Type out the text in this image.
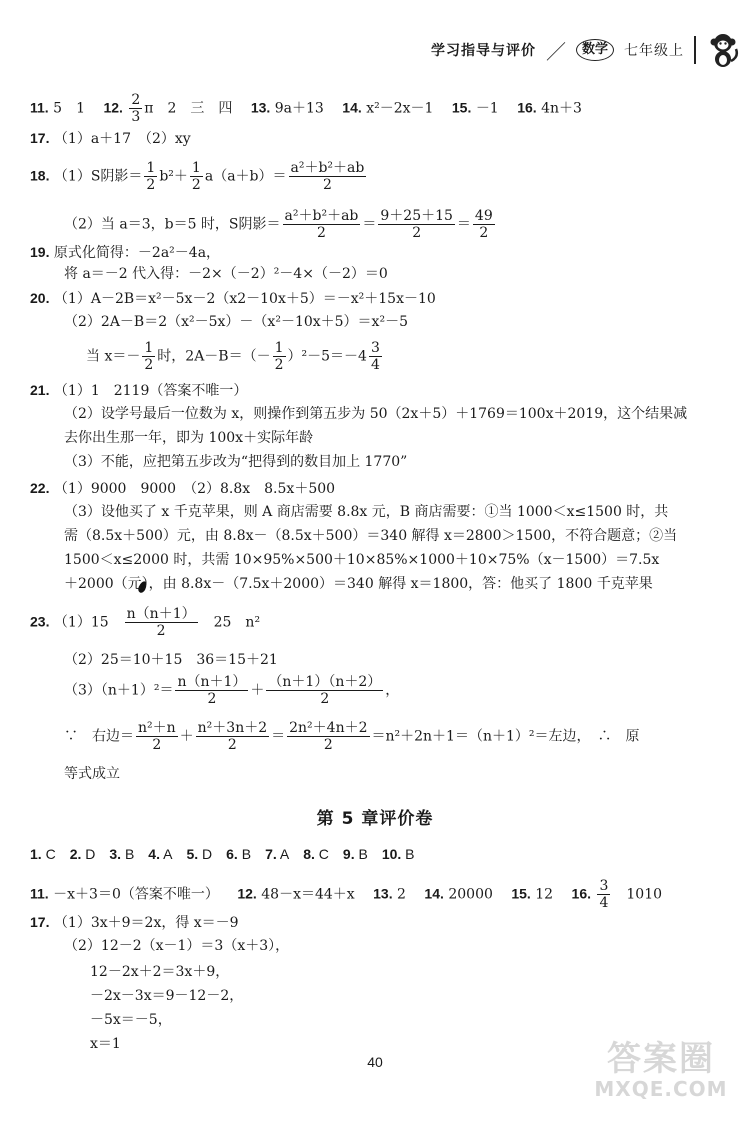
学习指导与评价 ／	数学	七年级上
11. 5　1 12. $\frac{2}{3}$ π　2　三　四 13. 9a＋13 14. x²－2x－1 15. －1 16. 4n＋3
17. （1）a＋17　（2）xy
18. （1）S阴影＝ $\frac{1}{2} b^2+ \frac{1}{2} a(a+b)= \frac{\text{a²＋b²＋ab}}{2}$
（2）当 a＝3，b＝5 时，S阴影＝ $\frac{\text{a²＋b²＋ab}}{2} = \frac{9+25+15}{2} = \frac{49}{2}$
19. 原式化简得：－2a²－4a，
将 a＝－2 代入得：－2×（－2）²－4×（－2）＝0
20. （1）A－2B＝x²－5x－2（x2－10x＋5）＝－x²＋15x－10
（2）2A－B＝2（x²－5x）－（x²－10x＋5）＝x²－5
当 $x=- \frac{1}{2}$ 时，$2A-B=(- \frac{1}{2} )^2-5=-4 \frac{3}{4}$
21. （1）1　2119（答案不唯一）
（2）设学号最后一位数为 x，则操作到第五步为 50（2x＋5）＋1769＝100x＋2019，这个结果减
去你出生那一年，即为 100x＋实际年龄
（3）不能，应把第五步改为“把得到的数目加上 1770”
22. （1）9000　9000　（2）8.8x　8.5x＋500
（3）设他买了 x 千克苹果，则 A 商店需要 8.8x 元，B 商店需要：①当 1000＜x≤1500 时，共
需（8.5x＋500）元，由 8.8x－（8.5x＋500）＝340 解得 x＝2800＞1500，不符合题意；②当
1500＜x≤2000 时，共需 10×95%×500＋10×85%×1000＋10×75%（x－1500）＝7.5x
＋2000（元），由 8.8x－（7.5x＋2000）＝340 解得 x＝1800，答：他买了 1800 千克苹果
23. $(1)15 \frac{n(n+1)}{2} 25$　n²
（2）25＝10＋15　36＝15＋21
$(3)(n+1)^2= \frac{n(n+1)}{2} + \frac{(n+1)(n+2)}{2}$ ，
∵　右边＝ $\frac{\text{n²＋n}}{2} + \frac{\text{n²＋3n＋2}}{2} = \frac{\text{2n²＋4n＋2}}{2} =n^2+2n+1=(n+1)^2=$左边，　∴　原
等式成立
第 5 章评价卷
1. C 2. D 3. B 4. A 5. D 6. B 7. A 8. C 9. B 10. B
11. －x＋3＝0（答案不唯一） 12. 48－x＝44＋x 13. 2 14. 20000 15. 12 16. $\frac{3}{4} 1010$
17. （1）3x＋9＝2x，得 x＝－9
（2）12－2（x－1）＝3（x＋3），
12－2x＋2＝3x＋9，
－2x－3x＝9－12－2，
－5x＝－5，
x＝1
40	答案圈
MXQE.COM
